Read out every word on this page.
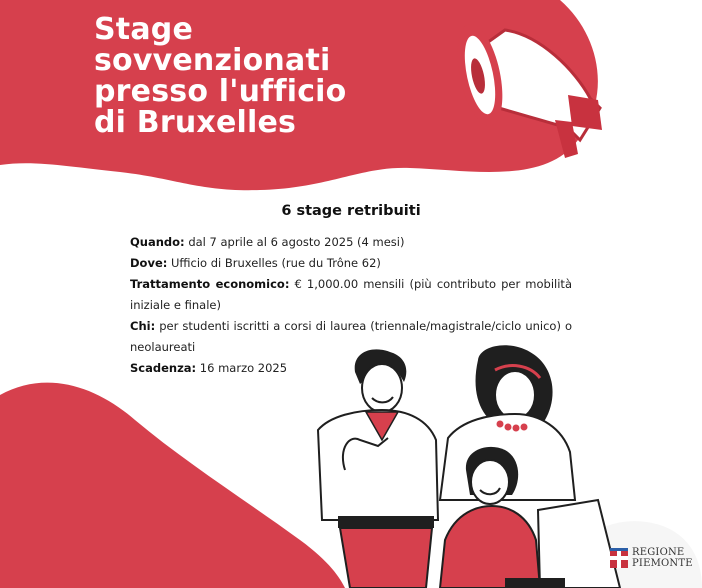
Stage
sovvenzionati
presso l'ufficio
di Bruxelles
6 stage retribuiti

Quando: dal 7 aprile al 6 agosto 2025 (4 mesi)

Dove: Ufficio di Bruxelles (rue du Trône 62)

Trattamento economico: € 1,000.00 mensili (più contributo per mobilità iniziale e finale)

Chi: per studenti iscritti a corsi di laurea (triennale/magistrale/ciclo unico) o neolaureati

Scadenza: 16 marzo 2025

REGIONE
PIEMONTE
